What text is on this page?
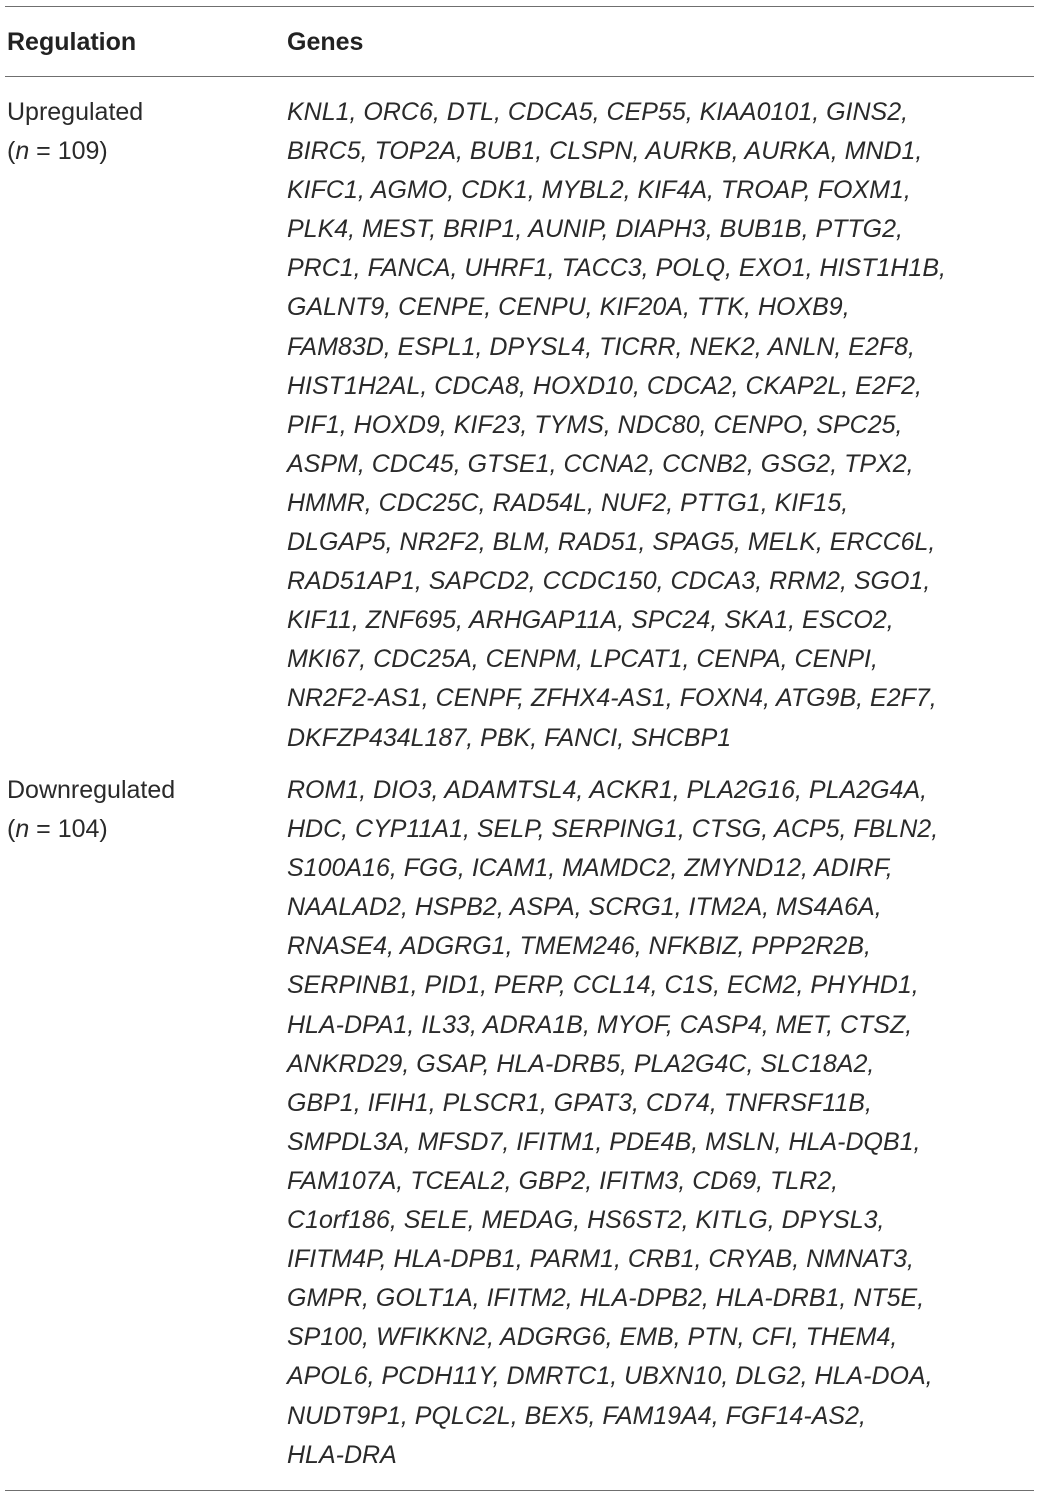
Regulation	Genes
Upregulated
(n = 109)
KNL1, ORC6, DTL, CDCA5, CEP55, KIAA0101, GINS2,
BIRC5, TOP2A, BUB1, CLSPN, AURKB, AURKA, MND1,
KIFC1, AGMO, CDK1, MYBL2, KIF4A, TROAP, FOXM1,
PLK4, MEST, BRIP1, AUNIP, DIAPH3, BUB1B, PTTG2,
PRC1, FANCA, UHRF1, TACC3, POLQ, EXO1, HIST1H1B,
GALNT9, CENPE, CENPU, KIF20A, TTK, HOXB9,
FAM83D, ESPL1, DPYSL4, TICRR, NEK2, ANLN, E2F8,
HIST1H2AL, CDCA8, HOXD10, CDCA2, CKAP2L, E2F2,
PIF1, HOXD9, KIF23, TYMS, NDC80, CENPO, SPC25,
ASPM, CDC45, GTSE1, CCNA2, CCNB2, GSG2, TPX2,
HMMR, CDC25C, RAD54L, NUF2, PTTG1, KIF15,
DLGAP5, NR2F2, BLM, RAD51, SPAG5, MELK, ERCC6L,
RAD51AP1, SAPCD2, CCDC150, CDCA3, RRM2, SGO1,
KIF11, ZNF695, ARHGAP11A, SPC24, SKA1, ESCO2,
MKI67, CDC25A, CENPM, LPCAT1, CENPA, CENPI,
NR2F2-AS1, CENPF, ZFHX4-AS1, FOXN4, ATG9B, E2F7,
DKFZP434L187, PBK, FANCI, SHCBP1
Downregulated
(n = 104)
ROM1, DIO3, ADAMTSL4, ACKR1, PLA2G16, PLA2G4A,
HDC, CYP11A1, SELP, SERPING1, CTSG, ACP5, FBLN2,
S100A16, FGG, ICAM1, MAMDC2, ZMYND12, ADIRF,
NAALAD2, HSPB2, ASPA, SCRG1, ITM2A, MS4A6A,
RNASE4, ADGRG1, TMEM246, NFKBIZ, PPP2R2B,
SERPINB1, PID1, PERP, CCL14, C1S, ECM2, PHYHD1,
HLA-DPA1, IL33, ADRA1B, MYOF, CASP4, MET, CTSZ,
ANKRD29, GSAP, HLA-DRB5, PLA2G4C, SLC18A2,
GBP1, IFIH1, PLSCR1, GPAT3, CD74, TNFRSF11B,
SMPDL3A, MFSD7, IFITM1, PDE4B, MSLN, HLA-DQB1,
FAM107A, TCEAL2, GBP2, IFITM3, CD69, TLR2,
C1orf186, SELE, MEDAG, HS6ST2, KITLG, DPYSL3,
IFITM4P, HLA-DPB1, PARM1, CRB1, CRYAB, NMNAT3,
GMPR, GOLT1A, IFITM2, HLA-DPB2, HLA-DRB1, NT5E,
SP100, WFIKKN2, ADGRG6, EMB, PTN, CFI, THEM4,
APOL6, PCDH11Y, DMRTC1, UBXN10, DLG2, HLA-DOA,
NUDT9P1, PQLC2L, BEX5, FAM19A4, FGF14-AS2,
HLA-DRA
